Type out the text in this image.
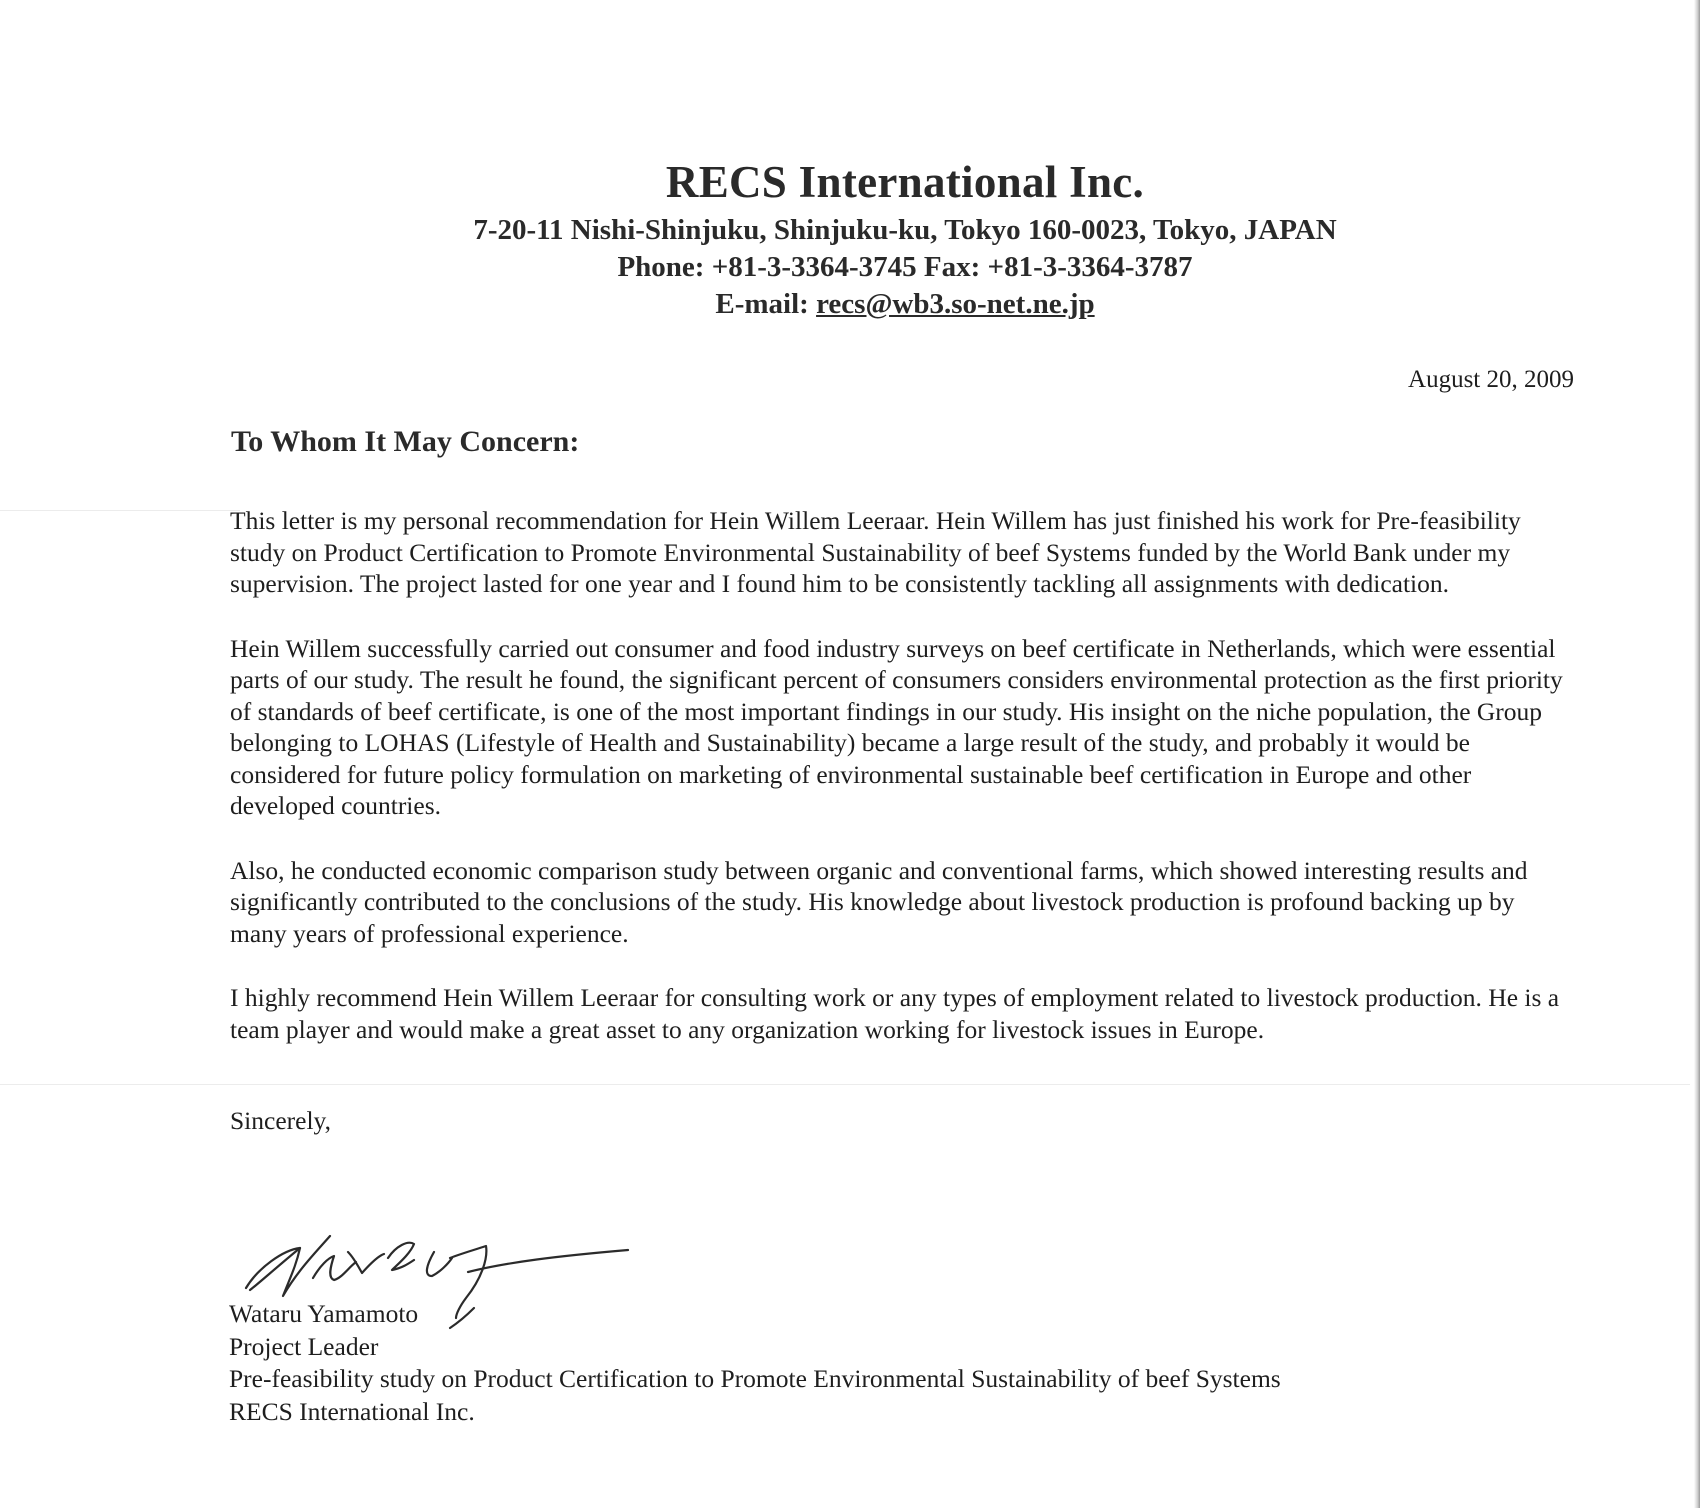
RECS International Inc.
7-20-11 Nishi-Shinjuku, Shinjuku-ku, Tokyo 160-0023, Tokyo, JAPAN
Phone: +81-3-3364-3745 Fax: +81-3-3364-3787
E-mail: recs@wb3.so-net.ne.jp
August 20, 2009
To Whom It May Concern:

This letter is my personal recommendation for Hein Willem Leeraar. Hein Willem has just finished his work for Pre-feasibility study on Product Certification to Promote Environmental Sustainability of beef Systems funded by the World Bank under my supervision. The project lasted for one year and I found him to be consistently tackling all assignments with dedication.

Hein Willem successfully carried out consumer and food industry surveys on beef certificate in Netherlands, which were essential parts of our study. The result he found, the significant percent of consumers considers environmental protection as the first priority of standards of beef certificate, is one of the most important findings in our study. His insight on the niche population, the Group belonging to LOHAS (Lifestyle of Health and Sustainability) became a large result of the study, and probably it would be considered for future policy formulation on marketing of environmental sustainable beef certification in Europe and other developed countries.

Also, he conducted economic comparison study between organic and conventional farms, which showed interesting results and significantly contributed to the conclusions of the study. His knowledge about livestock production is profound backing up by many years of professional experience.

I highly recommend Hein Willem Leeraar for consulting work or any types of employment related to livestock production. He is a team player and would make a great asset to any organization working for livestock issues in Europe.

Sincerely,
Wataru Yamamoto
Project Leader
Pre-feasibility study on Product Certification to Promote Environmental Sustainability of beef Systems
RECS International Inc.
